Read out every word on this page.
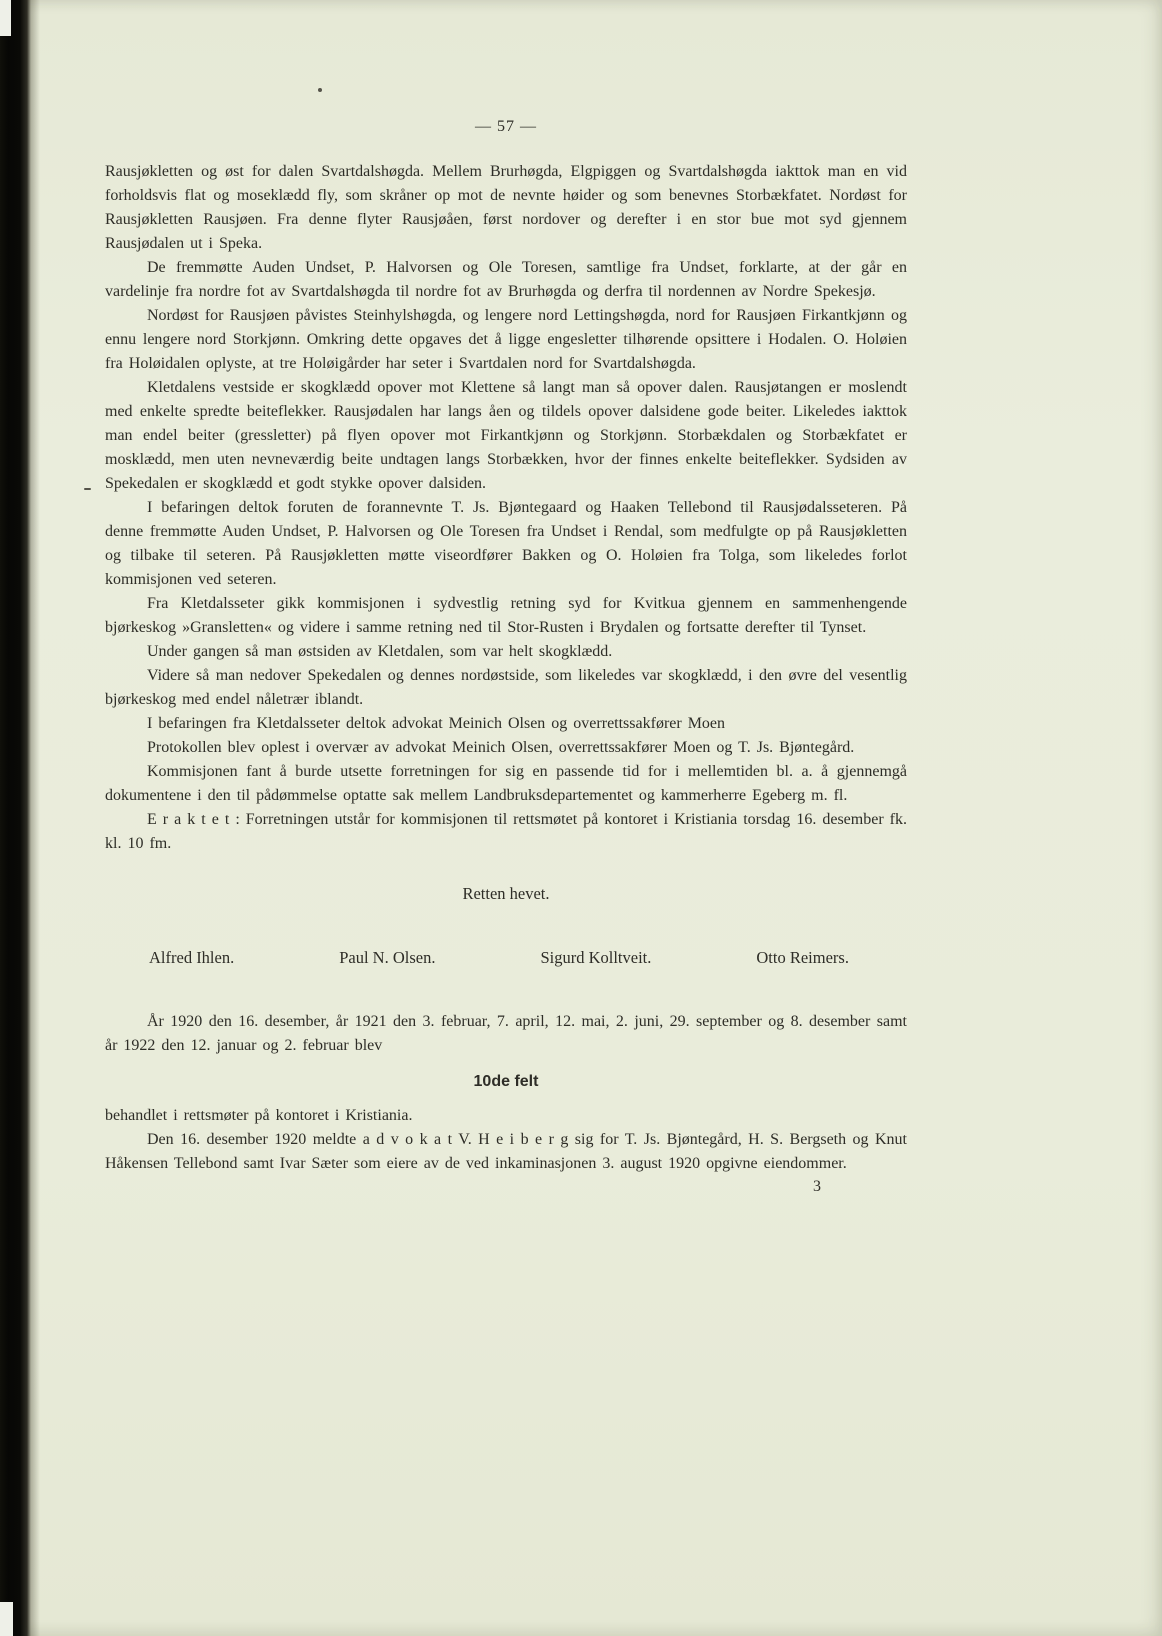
— 57 —

Rausjøkletten og øst for dalen Svartdalshøgda. Mellem Brurhøgda, Elgpiggen og Svartdalshøgda iakttok man en vid forholdsvis flat og moseklædd fly, som skråner op mot de nevnte høider og som benevnes Storbækfatet. Nordøst for Rausjøkletten Rausjøen. Fra denne flyter Rausjøåen, først nordover og derefter i en stor bue mot syd gjennem Rausjødalen ut i Speka.

De fremmøtte Auden Undset, P. Halvorsen og Ole Toresen, samtlige fra Undset, forklarte, at der går en vardelinje fra nordre fot av Svartdalshøgda til nordre fot av Brurhøgda og derfra til nordennen av Nordre Spekesjø.

Nordøst for Rausjøen påvistes Steinhylshøgda, og lengere nord Lettingshøgda, nord for Rausjøen Firkantkjønn og ennu lengere nord Storkjønn. Omkring dette opgaves det å ligge engesletter tilhørende opsittere i Hodalen. O. Holøien fra Holøidalen oplyste, at tre Holøigårder har seter i Svartdalen nord for Svartdalshøgda.

Kletdalens vestside er skogklædd opover mot Klettene så langt man så opover dalen. Rausjøtangen er moslendt med enkelte spredte beiteflekker. Rausjødalen har langs åen og tildels opover dalsidene gode beiter. Likeledes iakttok man endel beiter (gressletter) på flyen opover mot Firkantkjønn og Storkjønn. Storbækdalen og Storbækfatet er mosklædd, men uten nevneværdig beite undtagen langs Storbækken, hvor der finnes enkelte beiteflekker. Sydsiden av Spekedalen er skogklædd et godt stykke opover dalsiden.

I befaringen deltok foruten de forannevnte T. Js. Bjøntegaard og Haaken Tellebond til Rausjødalsseteren. På denne fremmøtte Auden Undset, P. Halvorsen og Ole Toresen fra Undset i Rendal, som medfulgte op på Rausjøkletten og tilbake til seteren. På Rausjøkletten møtte viseordfører Bakken og O. Holøien fra Tolga, som likeledes forlot kommisjonen ved seteren.

Fra Kletdalsseter gikk kommisjonen i sydvestlig retning syd for Kvitkua gjennem en sammenhengende bjørkeskog »Gransletten« og videre i samme retning ned til Stor-Rusten i Brydalen og fortsatte derefter til Tynset.

Under gangen så man østsiden av Kletdalen, som var helt skogklædd.

Videre så man nedover Spekedalen og dennes nordøstside, som likeledes var skogklædd, i den øvre del vesentlig bjørkeskog med endel nåletrær iblandt.

I befaringen fra Kletdalsseter deltok advokat Meinich Olsen og overrettssakfører Moen

Protokollen blev oplest i overvær av advokat Meinich Olsen, overrettssakfører Moen og T. Js. Bjøntegård.

Kommisjonen fant å burde utsette forretningen for sig en passende tid for i mellemtiden bl. a. å gjennemgå dokumentene i den til pådømmelse optatte sak mellem Landbruksdepartementet og kammerherre Egeberg m. fl.

E r a k t e t : Forretningen utstår for kommisjonen til rettsmøtet på kontoret i Kristiania torsdag 16. desember fk. kl. 10 fm.

Retten hevet.
Alfred Ihlen.	Paul N. Olsen.	Sigurd Kolltveit.	Otto Reimers.

År 1920 den 16. desember, år 1921 den 3. februar, 7. april, 12. mai, 2. juni, 29. september og 8. desember samt år 1922 den 12. januar og 2. februar blev

10de felt

behandlet i rettsmøter på kontoret i Kristiania.

Den 16. desember 1920 meldte a d v o k a t V. H e i b e r g sig for T. Js. Bjøntegård, H. S. Bergseth og Knut Håkensen Tellebond samt Ivar Sæter som eiere av de ved inkaminasjonen 3. august 1920 opgivne eiendommer.

3
